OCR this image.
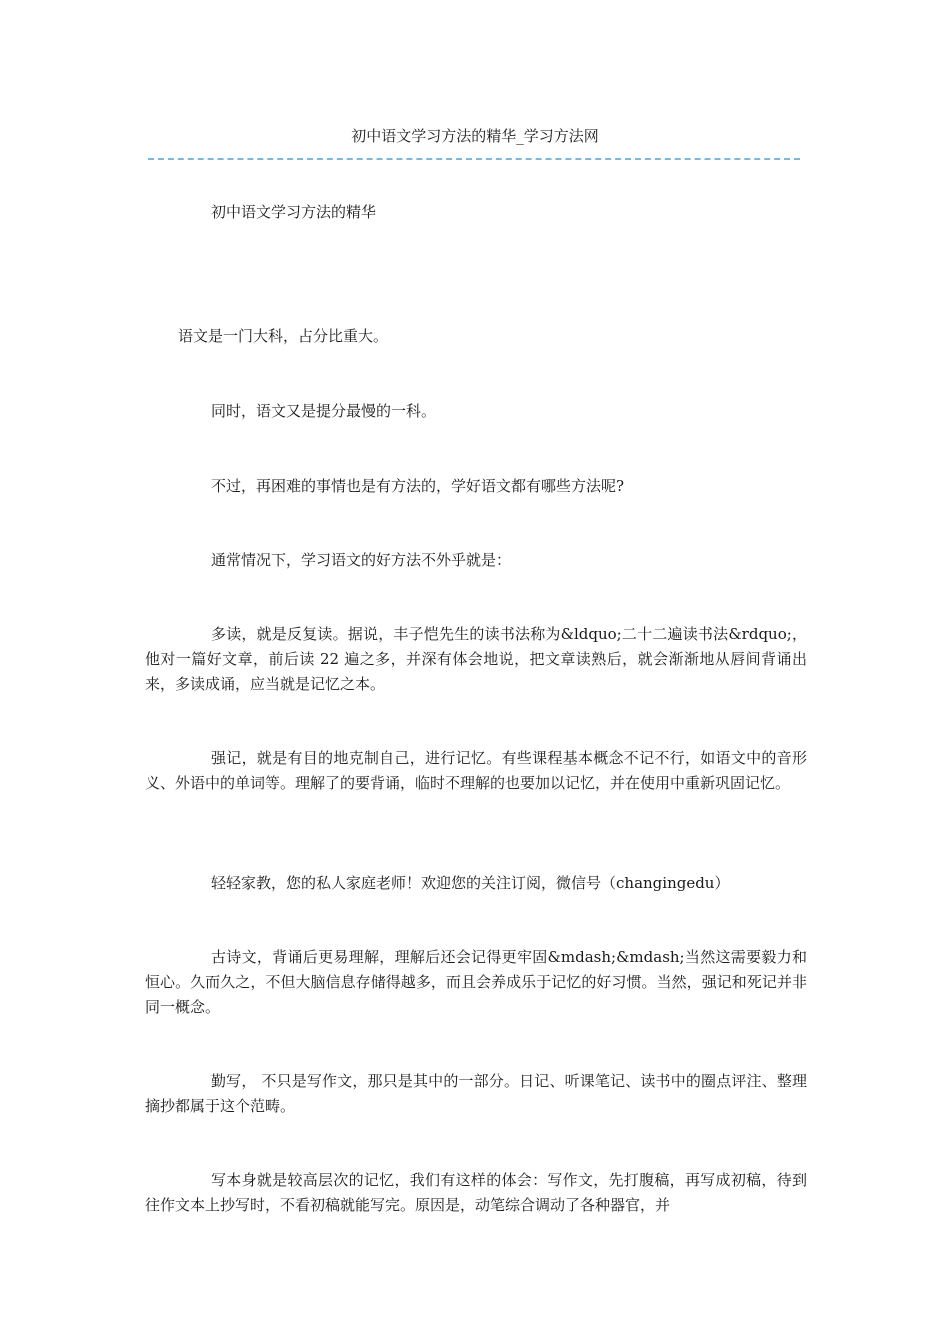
初中语文学习方法的精华_学习方法网

初中语文学习方法的精华

语文是一门大科，占分比重大。

同时，语文又是提分最慢的一科。

不过，再困难的事情也是有方法的，学好语文都有哪些方法呢?

通常情况下，学习语文的好方法不外乎就是：

多读，就是反复读。据说，丰子恺先生的读书法称为&ldquo;二十二遍读书法&rdquo;，他对一篇好文章，前后读 22 遍之多，并深有体会地说，把文章读熟后，就会渐渐地从唇间背诵出来，多读成诵，应当就是记忆之本。

强记，就是有目的地克制自己，进行记忆。有些课程基本概念不记不行，如语文中的音形义、外语中的单词等。理解了的要背诵，临时不理解的也要加以记忆，并在使用中重新巩固记忆。

轻轻家教，您的私人家庭老师！欢迎您的关注订阅，微信号（changingedu）

古诗文，背诵后更易理解，理解后还会记得更牢固&mdash;&mdash;当然这需要毅力和恒心。久而久之，不但大脑信息存储得越多，而且会养成乐于记忆的好习惯。当然，强记和死记并非同一概念。

勤写， 不只是写作文，那只是其中的一部分。日记、听课笔记、读书中的圈点评注、整理摘抄都属于这个范畴。

写本身就是较高层次的记忆，我们有这样的体会：写作文，先打腹稿，再写成初稿，待到往作文本上抄写时，不看初稿就能写完。原因是，动笔综合调动了各种器官，并
